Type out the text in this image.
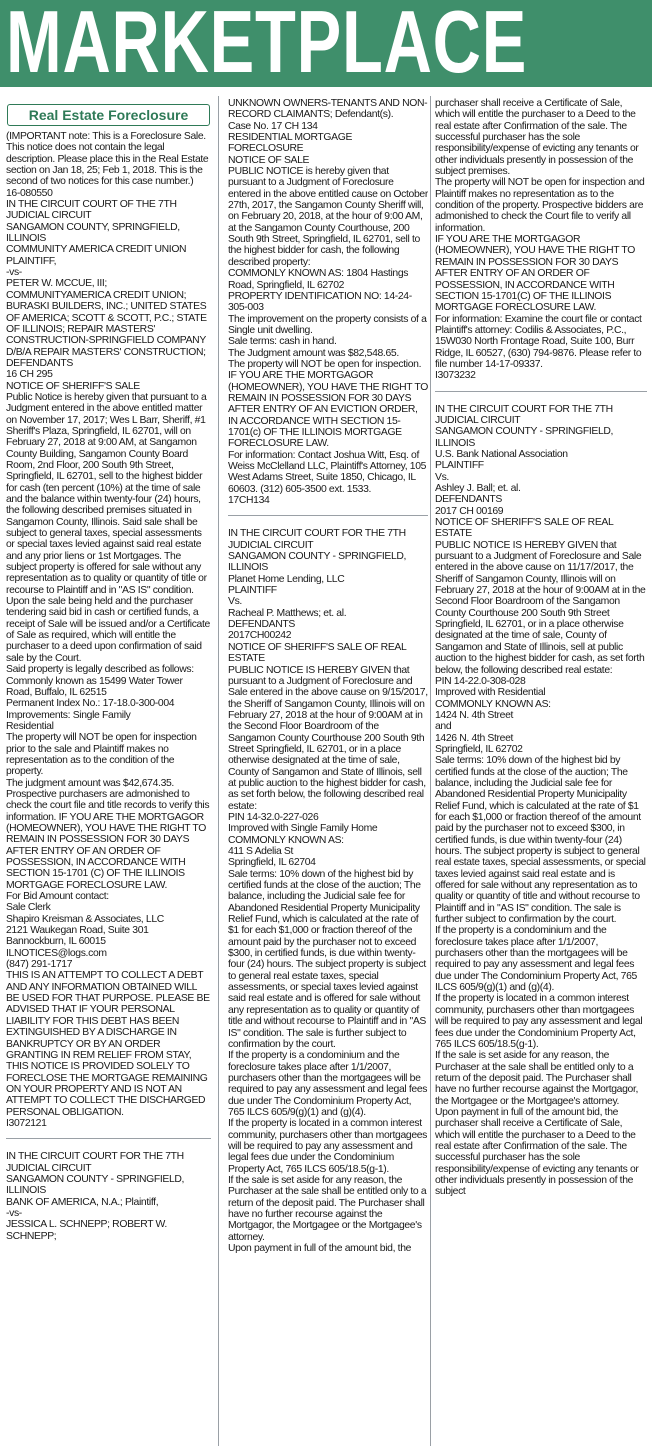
MARKETPLACE
Real Estate Foreclosure

(IMPORTANT note: This is a Foreclosure Sale. This notice does not contain the legal description. Please place this in the Real Estate section on Jan 18, 25; Feb 1, 2018. This is the second of two notices for this case number.)

16-080550

IN THE CIRCUIT COURT OF THE 7TH JUDICIAL CIRCUIT

SANGAMON COUNTY, SPRINGFIELD, ILLINOIS

COMMUNITY AMERICA CREDIT UNION

PLAINTIFF,

-vs-

PETER W. MCCUE, III; COMMUNITYAMERICA CREDIT UNION; BURASKI BUILDERS, INC.; UNITED STATES OF AMERICA; SCOTT & SCOTT, P.C.; STATE OF ILLINOIS; REPAIR MASTERS' CONSTRUCTION-SPRINGFIELD COMPANY D/B/A REPAIR MASTERS' CONSTRUCTION;

DEFENDANTS

16 CH 295

NOTICE OF SHERIFF'S SALE

Public Notice is hereby given that pursuant to a Judgment entered in the above entitled matter on November 17, 2017; Wes L Barr, Sheriff, #1 Sheriff's Plaza, Springfield, IL 62701, will on February 27, 2018 at 9:00 AM, at Sangamon County Building, Sangamon County Board Room, 2nd Floor, 200 South 9th Street, Springfield, IL 62701, sell to the highest bidder for cash (ten percent (10%) at the time of sale and the balance within twenty-four (24) hours, the following described premises situated in Sangamon County, Illinois. Said sale shall be subject to general taxes, special assessments or special taxes levied against said real estate and any prior liens or 1st Mortgages. The subject property is offered for sale without any representation as to quality or quantity of title or recourse to Plaintiff and in "AS IS" condition.

Upon the sale being held and the purchaser tendering said bid in cash or certified funds, a receipt of Sale will be issued and/or a Certificate of Sale as required, which will entitle the purchaser to a deed upon confirmation of said sale by the Court.

Said property is legally described as follows:

Commonly known as 15499 Water Tower Road, Buffalo, IL 62515

Permanent Index No.: 17-18.0-300-004

Improvements: Single Family

Residential

The property will NOT be open for inspection prior to the sale and Plaintiff makes no representation as to the condition of the property.

The judgment amount was $42,674.35.

Prospective purchasers are admonished to check the court file and title records to verify this information. IF YOU ARE THE MORTGAGOR (HOMEOWNER), YOU HAVE THE RIGHT TO REMAIN IN POSSESSION FOR 30 DAYS AFTER ENTRY OF AN ORDER OF POSSESSION, IN ACCORDANCE WITH SECTION 15-1701 (C) OF THE ILLINOIS MORTGAGE FORECLOSURE LAW.

For Bid Amount contact:

Sale Clerk

Shapiro Kreisman & Associates, LLC

2121 Waukegan Road, Suite 301

Bannockburn, IL 60015

ILNOTICES@logs.com

(847) 291-1717

THIS IS AN ATTEMPT TO COLLECT A DEBT AND ANY INFORMATION OBTAINED WILL BE USED FOR THAT PURPOSE. PLEASE BE ADVISED THAT IF YOUR PERSONAL LIABILITY FOR THIS DEBT HAS BEEN EXTINGUISHED BY A DISCHARGE IN BANKRUPTCY OR BY AN ORDER GRANTING IN REM RELIEF FROM STAY, THIS NOTICE IS PROVIDED SOLELY TO FORECLOSE THE MORTGAGE REMAINING ON YOUR PROPERTY AND IS NOT AN ATTEMPT TO COLLECT THE DISCHARGED PERSONAL OBLIGATION.

I3072121

IN THE CIRCUIT COURT FOR THE 7TH JUDICIAL CIRCUIT

SANGAMON COUNTY - SPRINGFIELD, ILLINOIS

BANK OF AMERICA, N.A.; Plaintiff,

-vs-

JESSICA L. SCHNEPP; ROBERT W. SCHNEPP;

UNKNOWN OWNERS-TENANTS AND NON-RECORD CLAIMANTS; Defendant(s).

Case No. 17 CH 134

RESIDENTIAL MORTGAGE FORECLOSURE

NOTICE OF SALE

PUBLIC NOTICE is hereby given that pursuant to a Judgment of Foreclosure entered in the above entitled cause on October 27th, 2017, the Sangamon County Sheriff will, on February 20, 2018, at the hour of 9:00 AM, at the Sangamon County Courthouse, 200 South 9th Street, Springfield, IL 62701, sell to the highest bidder for cash, the following described property:

COMMONLY KNOWN AS: 1804 Hastings Road, Springfield, IL 62702

PROPERTY IDENTIFICATION NO: 14-24-305-003

The improvement on the property consists of a Single unit dwelling.

Sale terms: cash in hand.

The Judgment amount was $82,548.65.

The property will NOT be open for inspection.

IF YOU ARE THE MORTGAGOR (HOMEOWNER), YOU HAVE THE RIGHT TO REMAIN IN POSSESSION FOR 30 DAYS AFTER ENTRY OF AN EVICTION ORDER, IN ACCORDANCE WITH SECTION 15-1701(c) OF THE ILLINOIS MORTGAGE FORECLOSURE LAW.

For information: Contact Joshua Witt, Esq. of Weiss McClelland LLC, Plaintiff's Attorney, 105 West Adams Street, Suite 1850, Chicago, IL 60603. (312) 605-3500 ext. 1533.

17CH134

IN THE CIRCUIT COURT FOR THE 7TH JUDICIAL CIRCUIT

SANGAMON COUNTY - SPRINGFIELD, ILLINOIS

Planet Home Lending, LLC

PLAINTIFF

Vs.

Racheal P. Matthews; et. al.

DEFENDANTS

2017CH00242

NOTICE OF SHERIFF'S SALE OF REAL ESTATE

PUBLIC NOTICE IS HEREBY GIVEN that pursuant to a Judgment of Foreclosure and Sale entered in the above cause on 9/15/2017, the Sheriff of Sangamon County, Illinois will on February 27, 2018 at the hour of 9:00AM at in the Second Floor Boardroom of the Sangamon County Courthouse 200 South 9th Street Springfield, IL 62701, or in a place otherwise designated at the time of sale, County of Sangamon and State of Illinois, sell at public auction to the highest bidder for cash, as set forth below, the following described real estate:

PIN 14-32.0-227-026

Improved with Single Family Home

COMMONLY KNOWN AS:

411 S Adelia St

Springfield, IL 62704

Sale terms: 10% down of the highest bid by certified funds at the close of the auction; The balance, including the Judicial sale fee for Abandoned Residential Property Municipality Relief Fund, which is calculated at the rate of $1 for each $1,000 or fraction thereof of the amount paid by the purchaser not to exceed $300, in certified funds, is due within twenty-four (24) hours. The subject property is subject to general real estate taxes, special assessments, or special taxes levied against said real estate and is offered for sale without any representation as to quality or quantity of title and without recourse to Plaintiff and in "AS IS" condition. The sale is further subject to confirmation by the court.

If the property is a condominium and the foreclosure takes place after 1/1/2007, purchasers other than the mortgagees will be required to pay any assessment and legal fees due under The Condominium Property Act, 765 ILCS 605/9(g)(1) and (g)(4).

If the property is located in a common interest community, purchasers other than mortgagees will be required to pay any assessment and legal fees due under the Condominium Property Act, 765 ILCS 605/18.5(g-1).

If the sale is set aside for any reason, the Purchaser at the sale shall be entitled only to a return of the deposit paid. The Purchaser shall have no further recourse against the Mortgagor, the Mortgagee or the Mortgagee's attorney.

Upon payment in full of the amount bid, the

purchaser shall receive a Certificate of Sale, which will entitle the purchaser to a Deed to the real estate after Confirmation of the sale. The successful purchaser has the sole responsibility/expense of evicting any tenants or other individuals presently in possession of the subject premises.

The property will NOT be open for inspection and Plaintiff makes no representation as to the condition of the property. Prospective bidders are admonished to check the Court file to verify all information.

IF YOU ARE THE MORTGAGOR (HOMEOWNER), YOU HAVE THE RIGHT TO REMAIN IN POSSESSION FOR 30 DAYS AFTER ENTRY OF AN ORDER OF POSSESSION, IN ACCORDANCE WITH SECTION 15-1701(C) OF THE ILLINOIS MORTGAGE FORECLOSURE LAW.

For information: Examine the court file or contact Plaintiff's attorney: Codilis & Associates, P.C., 15W030 North Frontage Road, Suite 100, Burr Ridge, IL 60527, (630) 794-9876. Please refer to file number 14-17-09337.

I3073232

IN THE CIRCUIT COURT FOR THE 7TH JUDICIAL CIRCUIT

SANGAMON COUNTY - SPRINGFIELD, ILLINOIS

U.S. Bank National Association

PLAINTIFF

Vs.

Ashley J. Ball; et. al.

DEFENDANTS

2017 CH 00169

NOTICE OF SHERIFF'S SALE OF REAL ESTATE

PUBLIC NOTICE IS HEREBY GIVEN that pursuant to a Judgment of Foreclosure and Sale entered in the above cause on 11/17/2017, the Sheriff of Sangamon County, Illinois will on February 27, 2018 at the hour of 9:00AM at in the Second Floor Boardroom of the Sangamon County Courthouse 200 South 9th Street Springfield, IL 62701, or in a place otherwise designated at the time of sale, County of Sangamon and State of Illinois, sell at public auction to the highest bidder for cash, as set forth below, the following described real estate:

PIN 14-22.0-308-028

Improved with Residential

COMMONLY KNOWN AS:

1424 N. 4th Street

and

1426 N. 4th Street

Springfield, IL 62702

Sale terms: 10% down of the highest bid by certified funds at the close of the auction; The balance, including the Judicial sale fee for Abandoned Residential Property Municipality Relief Fund, which is calculated at the rate of $1 for each $1,000 or fraction thereof of the amount paid by the purchaser not to exceed $300, in certified funds, is due within twenty-four (24) hours. The subject property is subject to general real estate taxes, special assessments, or special taxes levied against said real estate and is offered for sale without any representation as to quality or quantity of title and without recourse to Plaintiff and in "AS IS" condition. The sale is further subject to confirmation by the court.

If the property is a condominium and the foreclosure takes place after 1/1/2007, purchasers other than the mortgagees will be required to pay any assessment and legal fees due under The Condominium Property Act, 765 ILCS 605/9(g)(1) and (g)(4).

If the property is located in a common interest community, purchasers other than mortgagees will be required to pay any assessment and legal fees due under the Condominium Property Act, 765 ILCS 605/18.5(g-1).

If the sale is set aside for any reason, the Purchaser at the sale shall be entitled only to a return of the deposit paid. The Purchaser shall have no further recourse against the Mortgagor, the Mortgagee or the Mortgagee's attorney.

Upon payment in full of the amount bid, the purchaser shall receive a Certificate of Sale, which will entitle the purchaser to a Deed to the real estate after Confirmation of the sale. The successful purchaser has the sole responsibility/expense of evicting any tenants or other individuals presently in possession of the subject
